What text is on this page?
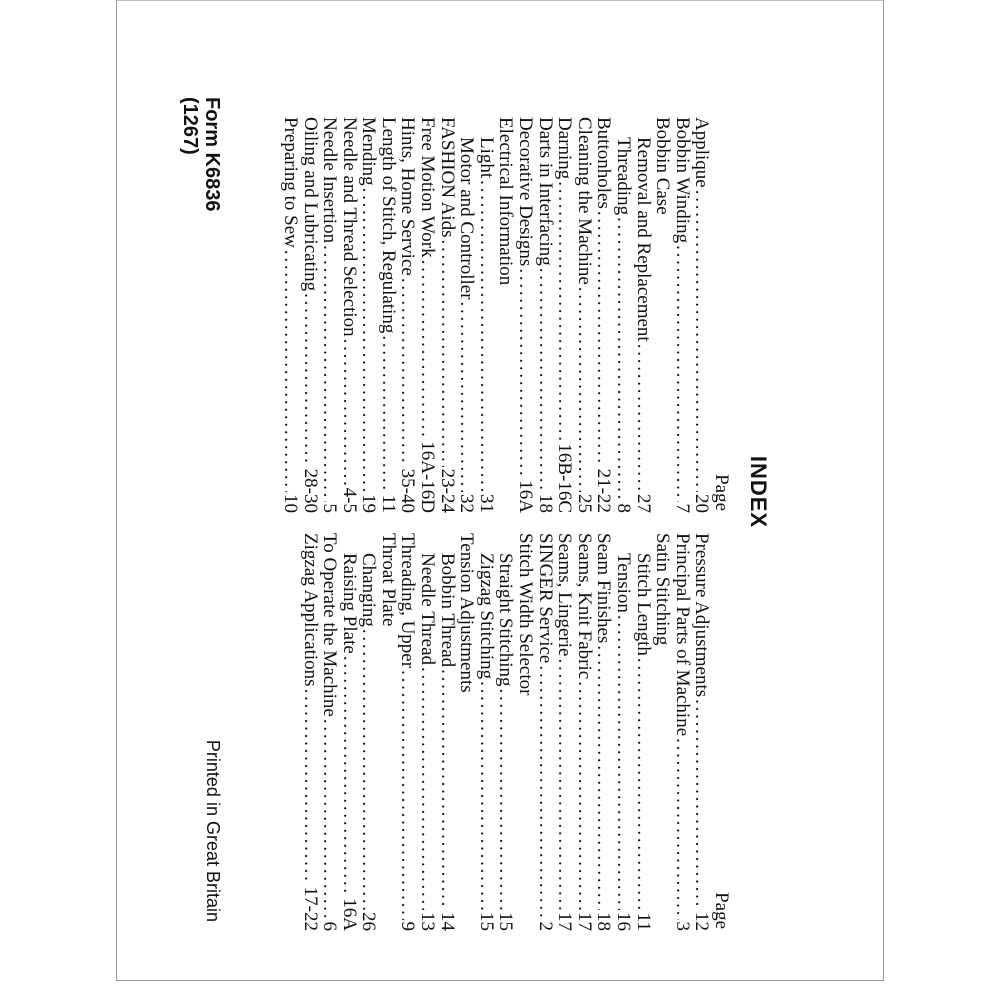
INDEX
Page
Applique
. . .
20
Bobbin Winding
. . .
7
Bobbin Case
Removal and Replacement
. . .
27
Threading
. . .
8
Buttonholes
. . .
21-22
Cleaning the Machine
. . .
25
Darning
. . .
16B-16C
Darts in Interfacing
. . .
18
Decorative Designs
. . .
16A
Electrical Information
Light
. . .
31
Motor and Controller
. . .
32
FASHION Aids
. . .
23-24
Free Motion Work
. . .
16A-16D
Hints, Home Service
. . .
35-40
Length of Stitch, Regulating
. . .
11
Mending
. . .
19
Needle and Thread Selection
. . .
4-5
Needle Insertion
. . .
5
Oiling and Lubricating
. . .
28-30
Preparing to Sew
. . .
10
Page
Pressure Adjustments
. . .
12
Principal Parts of Machine
. . .
3
Satin Stitching
Stitch Length
. . .
11
Tension
. . .
16
Seam Finishes
. . .
18
Seams, Knit Fabric
. . .
17
Seams, Lingerie
. . .
17
SINGER Service
. . .
2
Stitch Width Selector
Straight Stitching
. . .
15
Zigzag Stitching
. . .
15
Tension Adjustments
Bobbin Thread
. . .
14
Needle Thread
. . .
13
Threading, Upper
. . .
9
Throat Plate
Changing
. . .
26
Raising Plate
. . .
16A
To Operate the Machine
. . .
6
Zigzag Applications
. . .
17-22
Form K6836
(1267)
Printed in Great Britain
